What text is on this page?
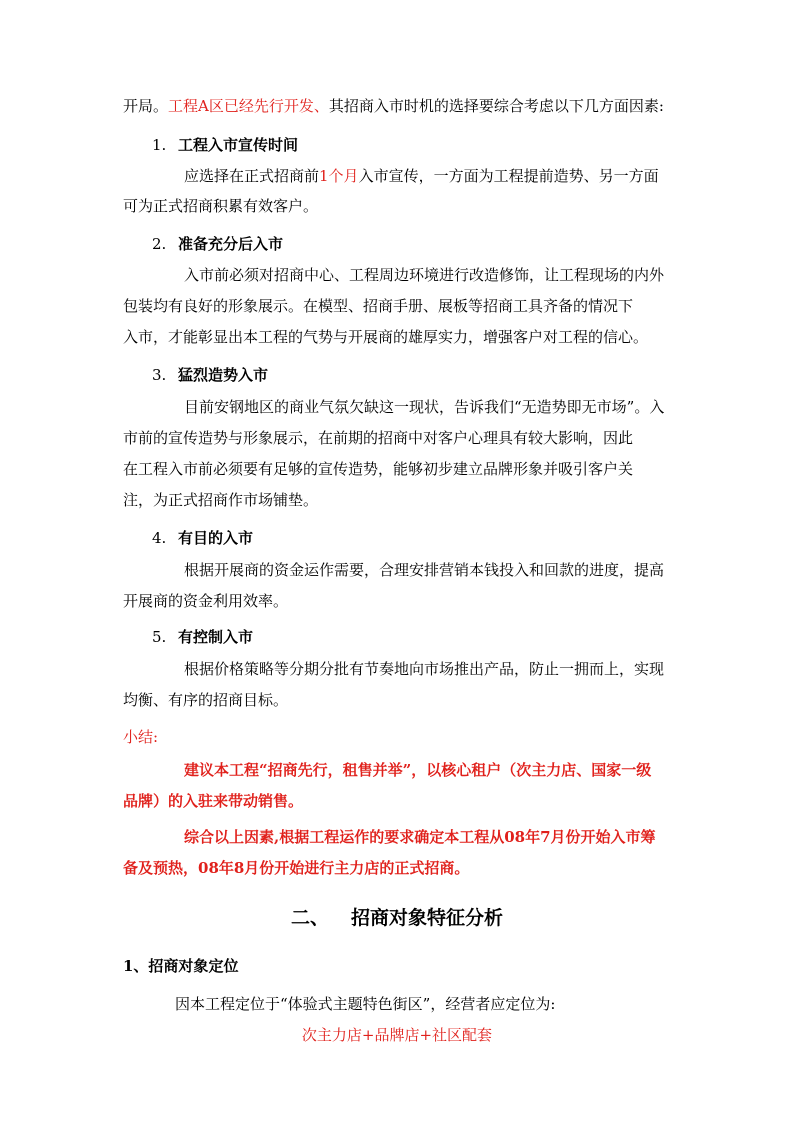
开局。工程A区已经先行开发、其招商入市时机的选择要综合考虑以下几方面因素:
1. 工程入市宣传时间
应选择在正式招商前1个月入市宣传，一方面为工程提前造势、另一方面
可为正式招商积累有效客户。
2. 准备充分后入市
入市前必须对招商中心、工程周边环境进行改造修饰，让工程现场的内外
包装均有良好的形象展示。在模型、招商手册、展板等招商工具齐备的情况下
入市，才能彰显出本工程的气势与开展商的雄厚实力，增强客户对工程的信心。
3. 猛烈造势入市
目前安钢地区的商业气氛欠缺这一现状，告诉我们“无造势即无市场”。入
市前的宣传造势与形象展示，在前期的招商中对客户心理具有较大影响，因此
在工程入市前必须要有足够的宣传造势，能够初步建立品牌形象并吸引客户关
注，为正式招商作市场铺垫。
4. 有目的入市
根据开展商的资金运作需要，合理安排营销本钱投入和回款的进度，提高
开展商的资金利用效率。
5. 有控制入市
根据价格策略等分期分批有节奏地向市场推出产品，防止一拥而上，实现
均衡、有序的招商目标。
小结:
建议本工程“招商先行，租售并举”，以核心租户（次主力店、国家一级
品牌）的入驻来带动销售。
综合以上因素,根据工程运作的要求确定本工程从08年7月份开始入市筹
备及预热，08年8月份开始进行主力店的正式招商。
二、 招商对象特征分析
1、招商对象定位
因本工程定位于“体验式主题特色街区”，经营者应定位为:
次主力店+品牌店+社区配套
